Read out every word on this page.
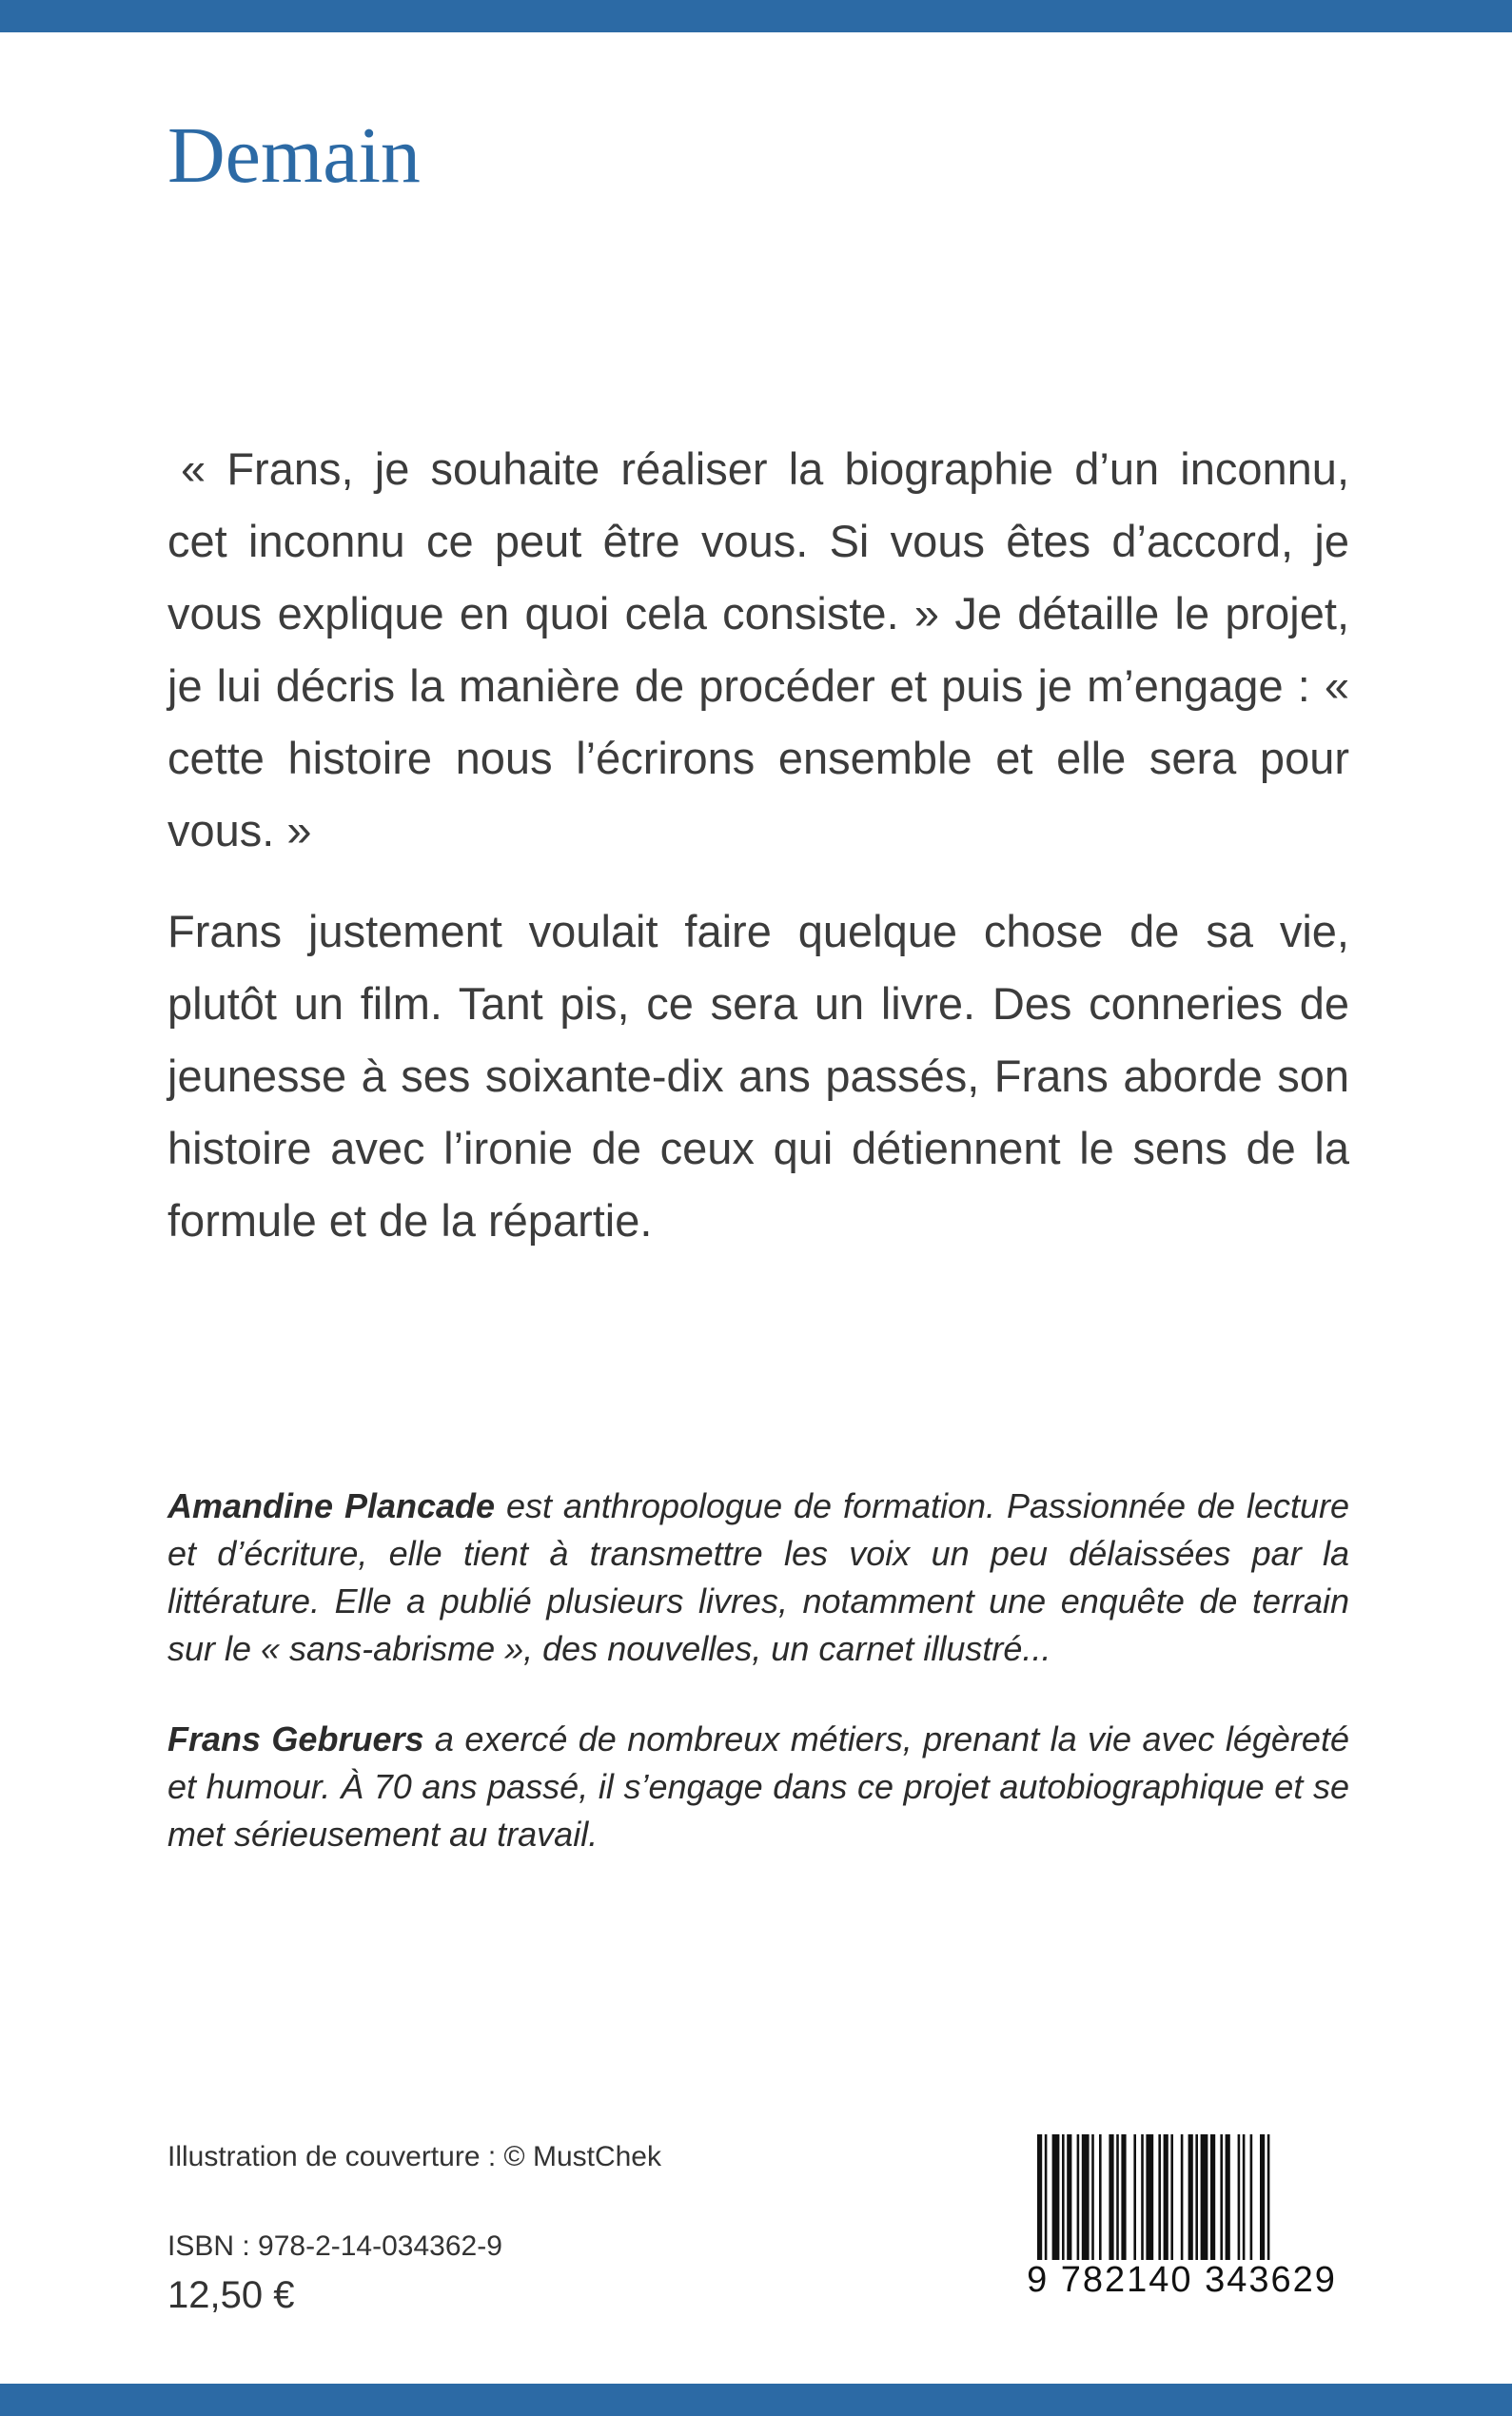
Demain

« Frans, je souhaite réaliser la biographie d’un inconnu, cet inconnu ce peut être vous. Si vous êtes d’accord, je vous explique en quoi cela consiste. » Je détaille le projet, je lui décris la manière de procéder et puis je m’engage : « cette histoire nous l’écrirons ensemble et elle sera pour vous. »

Frans justement voulait faire quelque chose de sa vie, plutôt un film. Tant pis, ce sera un livre. Des conneries de jeunesse à ses soixante-dix ans passés, Frans aborde son histoire avec l’ironie de ceux qui détiennent le sens de la formule et de la répartie.

Amandine Plancade est anthropologue de formation. Passionnée de lecture et d’écriture, elle tient à transmettre les voix un peu délaissées par la littérature. Elle a publié plusieurs livres, notamment une enquête de terrain sur le « sans-abrisme », des nouvelles, un carnet illustré...

Frans Gebruers a exercé de nombreux métiers, prenant la vie avec légèreté et humour. À 70 ans passé, il s’engage dans ce projet autobiographique et se met sérieusement au travail.

Illustration de couverture : © MustChek
ISBN : 978-2-14-034362-9
12,50 €	9 782140 343629
